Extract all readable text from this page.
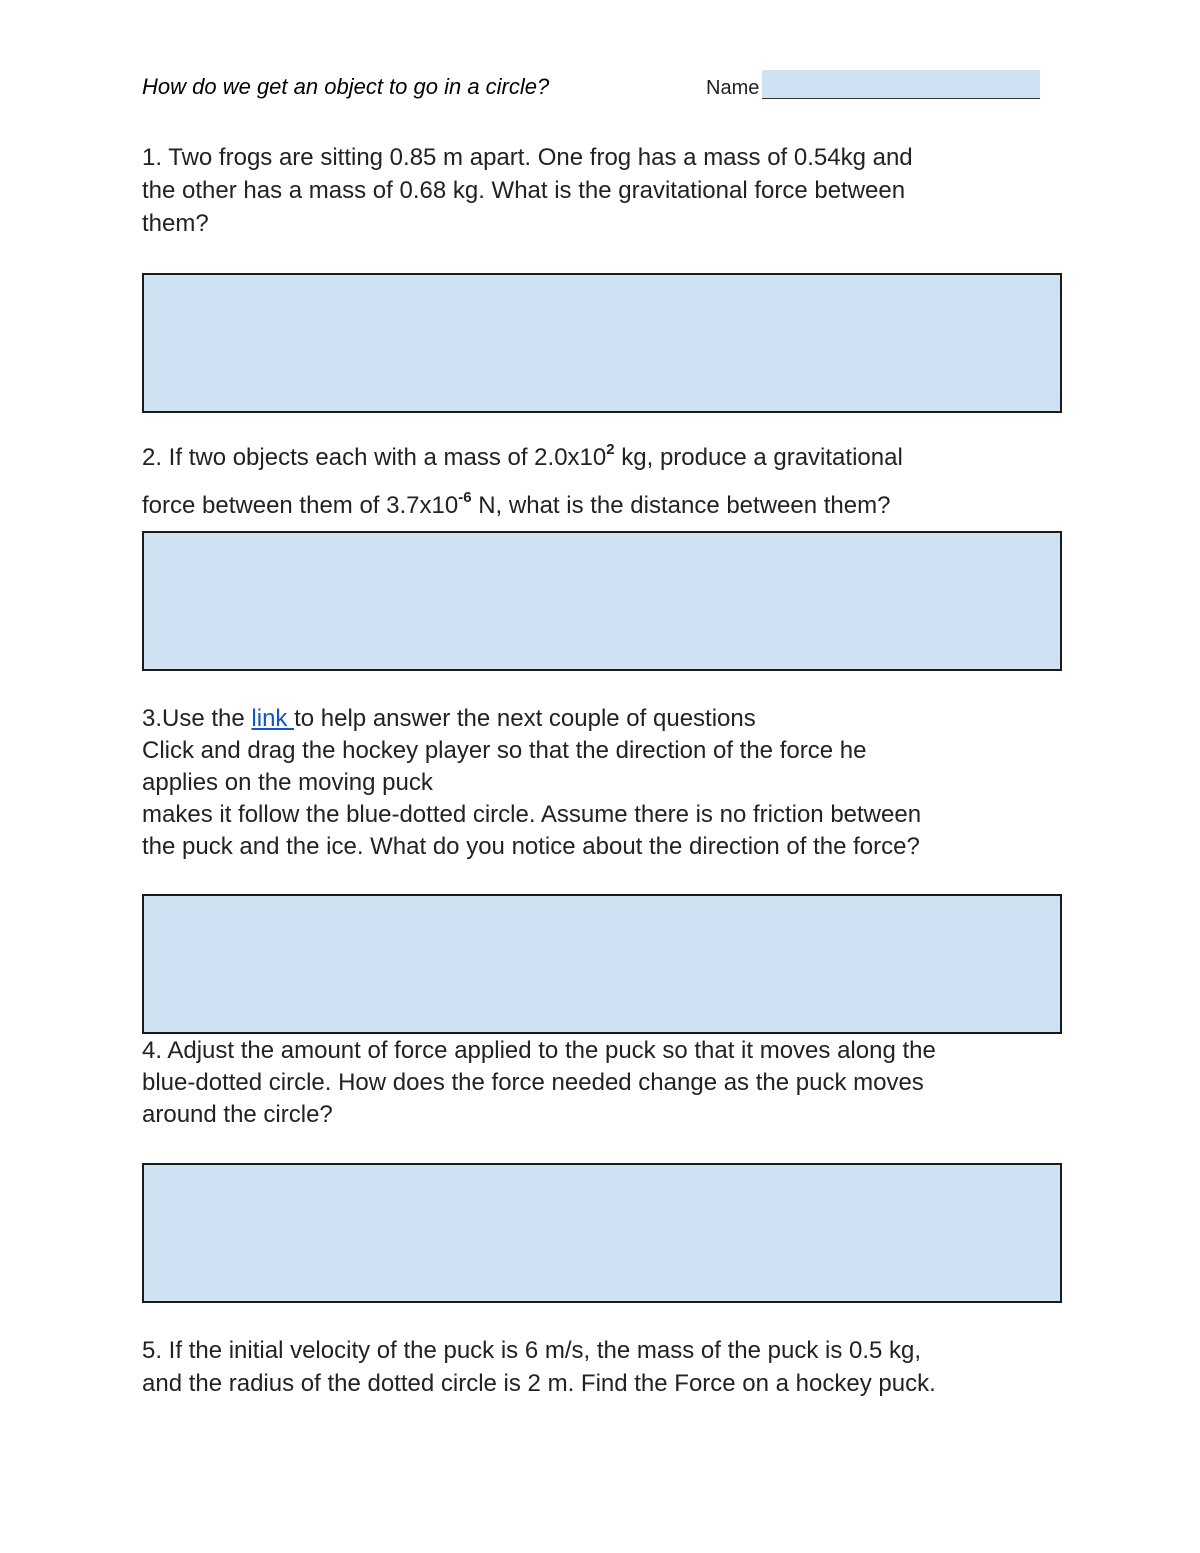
How do we get an object to go in a circle?	Name
1. Two frogs are sitting 0.85 m apart. One frog has a mass of 0.54kg and
the other has a mass of 0.68 kg. What is the gravitational force between
them?
2. If two objects each with a mass of $2.0x10^2$ kg, produce a gravitational
force between them of $3.7x10^{-6}$ N, what is the distance between them?
3.Use the link to help answer the next couple of questions
Click and drag the hockey player so that the direction of the force he
applies on the moving puck
makes it follow the blue-dotted circle. Assume there is no friction between
the puck and the ice. What do you notice about the direction of the force?
4. Adjust the amount of force applied to the puck so that it moves along the
blue-dotted circle. How does the force needed change as the puck moves
around the circle?
5. If the initial velocity of the puck is 6 m/s, the mass of the puck is 0.5 kg,
and the radius of the dotted circle is 2 m. Find the Force on a hockey puck.
